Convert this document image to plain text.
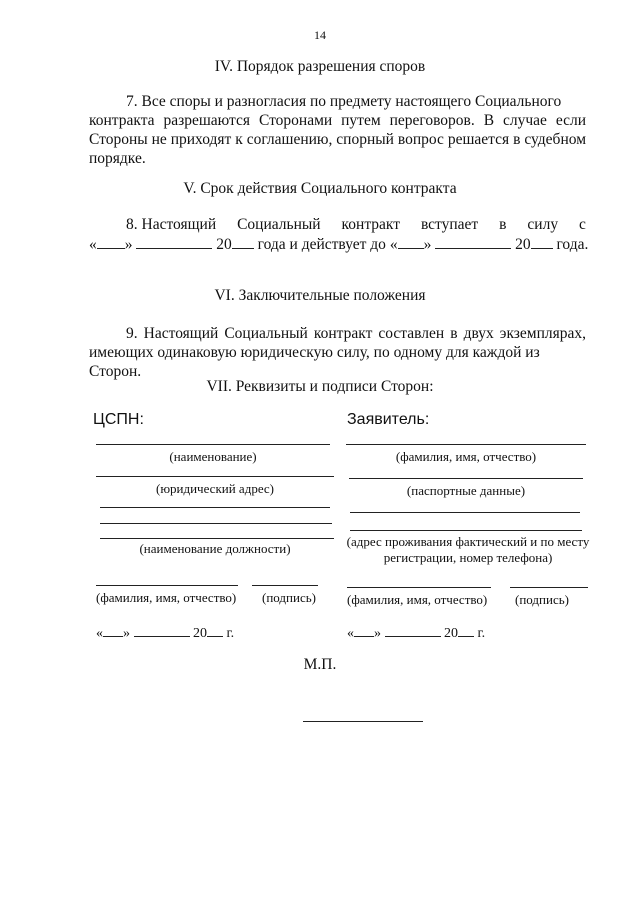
14
IV. Порядок разрешения споров
7. Все споры и разногласия по предмету настоящего Социального
контракта разрешаются Сторонами путем переговоров. В случае если
Стороны не приходят к соглашению, спорный вопрос решается в судебном
порядке.
V. Срок действия Социального контракта
8. Настоящий Социальный контракт вступает в силу с
« »	20 года и действует до « »	20 года.
VI. Заключительные положения
9. Настоящий Социальный контракт составлен в двух экземплярах,
имеющих одинаковую юридическую силу, по одному для каждой из Сторон.
VII. Реквизиты и подписи Сторон:
ЦСПН:
(наименование)
(юридический адрес)
(наименование должности)
(фамилия, имя, отчество) (подпись)
« »	20 г.
Заявитель:
(фамилия, имя, отчество)
(паспортные данные)
(адрес проживания фактический и по месту
регистрации, номер телефона)
(фамилия, имя, отчество) (подпись)
« »	20 г.
М.П.
